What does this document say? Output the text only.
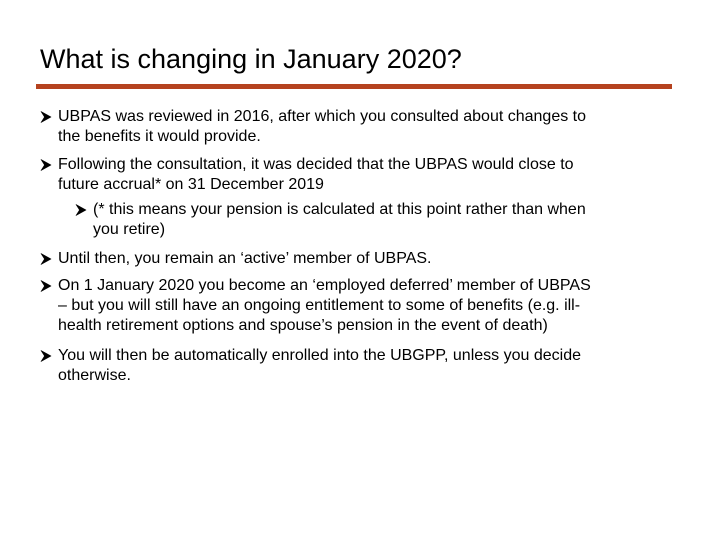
What is changing in January 2020?
UBPAS was reviewed in 2016, after which you consulted about changes to
the benefits it would provide.
Following the consultation, it was decided that the UBPAS would close to
future accrual* on 31 December 2019
(* this means your pension is calculated at this point rather than when
you retire)
Until then, you remain an ‘active’ member of UBPAS.
On 1 January 2020 you become an ‘employed deferred’ member of UBPAS
– but you will still have an ongoing entitlement to some of benefits (e.g. ill-
health retirement options and spouse’s pension in the event of death)
You will then be automatically enrolled into the UBGPP, unless you decide
otherwise.
